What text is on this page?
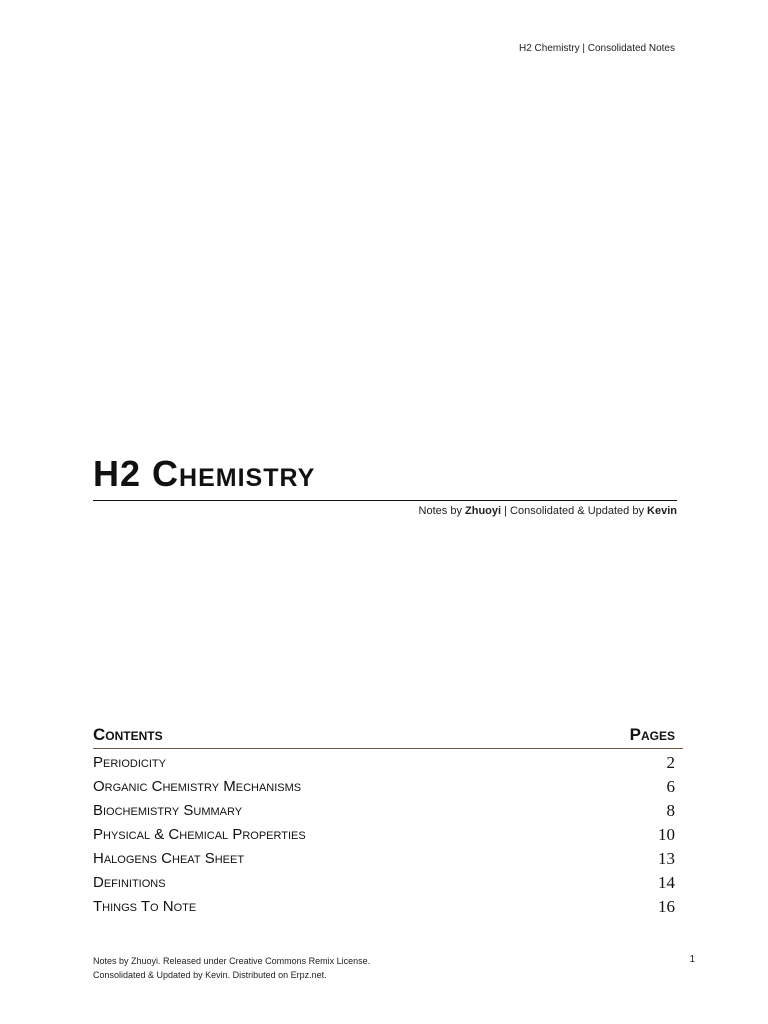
H2 Chemistry | Consolidated Notes
H2 Chemistry
Notes by Zhuoyi | Consolidated & Updated by Kevin
Contents	Pages
Periodicity	2
Organic Chemistry Mechanisms	6
Biochemistry Summary	8
Physical & Chemical Properties	10
Halogens Cheat Sheet	13
Definitions	14
Things To Note	16
Notes by Zhuoyi. Released under Creative Commons Remix License.
Consolidated & Updated by Kevin. Distributed on Erpz.net.
1
